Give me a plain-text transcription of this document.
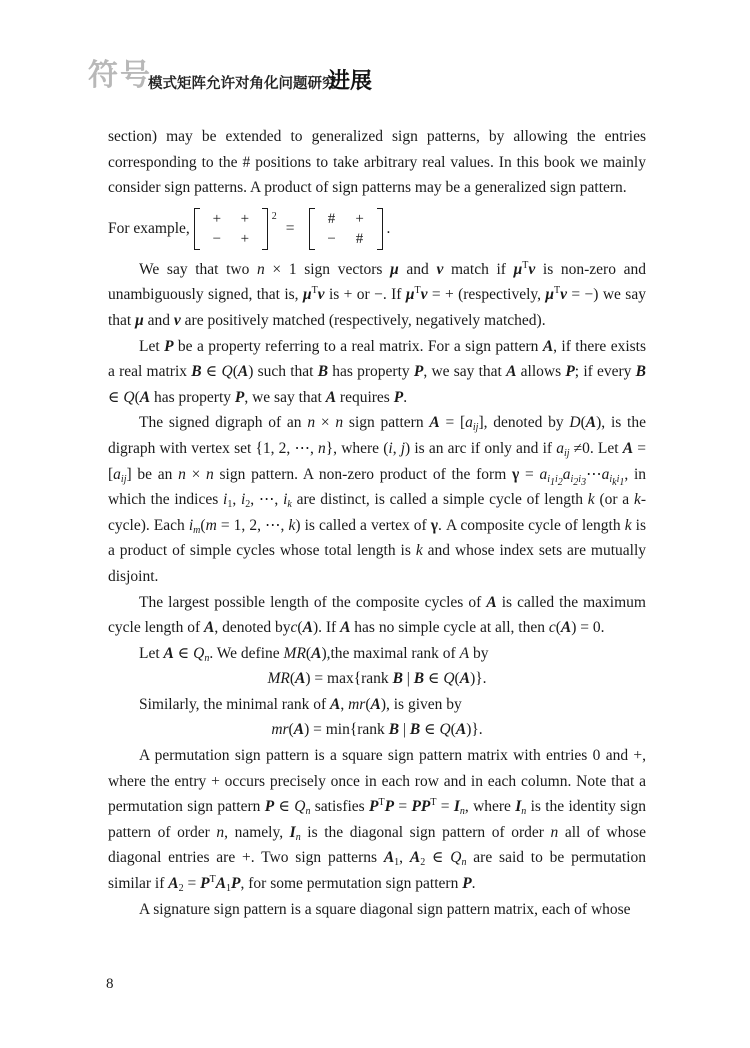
符号
模式矩阵允许对角化问题研究
进展

section) may be extended to generalized sign patterns, by allowing the entries corresponding to the # positions to take arbitrary real values. In this book we mainly consider sign patterns. A product of sign patterns may be a generalized sign pattern.

For example,
+	+
−	+
2
=
#	+
−	#
.

We say that two n × 1 sign vectors μ and v match if $\mu^Tv$ is non-zero and unambiguously signed, that is, $\mu^Tv$ is + or −. If $\mu^Tv$ = + (respectively, $\mu^Tv$ = −) we say that μ and v are positively matched (respectively, negatively matched).

Let P be a property referring to a real matrix. For a sign pattern A, if there exists a real matrix B ∈ Q(A) such that B has property P, we say that A allows P; if every B ∈ Q(A has property P, we say that A requires P.

The signed digraph of an n × n sign pattern $A = [a_{ij}]$, denoted by D(A), is the digraph with vertex set {1, 2, ⋯, n}, where (i, j) is an arc if only and if $a_{ij} \ne 0$. Let $A = [a_{ij}]$ be an n × n sign pattern. A non-zero product of the form $\gamma = a_{i_1i_2}a_{i_2i_3}\cdots a_{i_ki_1}$, in which the indices $i_1$, $i_2$, ⋯, $i_k$ are distinct, is called a simple cycle of length k (or a k-cycle). Each $i_m(m = 1$, 2, ⋯, k) is called a vertex of γ. A composite cycle of length k is a product of simple cycles whose total length is k and whose index sets are mutually disjoint.

The largest possible length of the composite cycles of A is called the maximum cycle length of A, denoted byc(A). If A has no simple cycle at all, then c(A) = 0.

Let A ∈ $Q_n$. We define MR(A),the maximal rank of A by

MR(A) = max{rank B | B ∈ Q(A)}.

Similarly, the minimal rank of A, mr(A), is given by

mr(A) = min{rank B | B ∈ Q(A)}.

A permutation sign pattern is a square sign pattern matrix with entries 0 and +, where the entry + occurs precisely once in each row and in each column. Note that a permutation sign pattern P ∈ $Q_n$ satisfies $P^TP = PP^T = I_n$, where $I_n$ is the identity sign pattern of order n, namely, $I_n$ is the diagonal sign pattern of order n all of whose diagonal entries are +. Two sign patterns $A_1$, $A_2$ ∈ $Q_n$ are said to be permutation similar if $A_2 = P^TA_1P$, for some permutation sign pattern P.

A signature sign pattern is a square diagonal sign pattern matrix, each of whose

8
